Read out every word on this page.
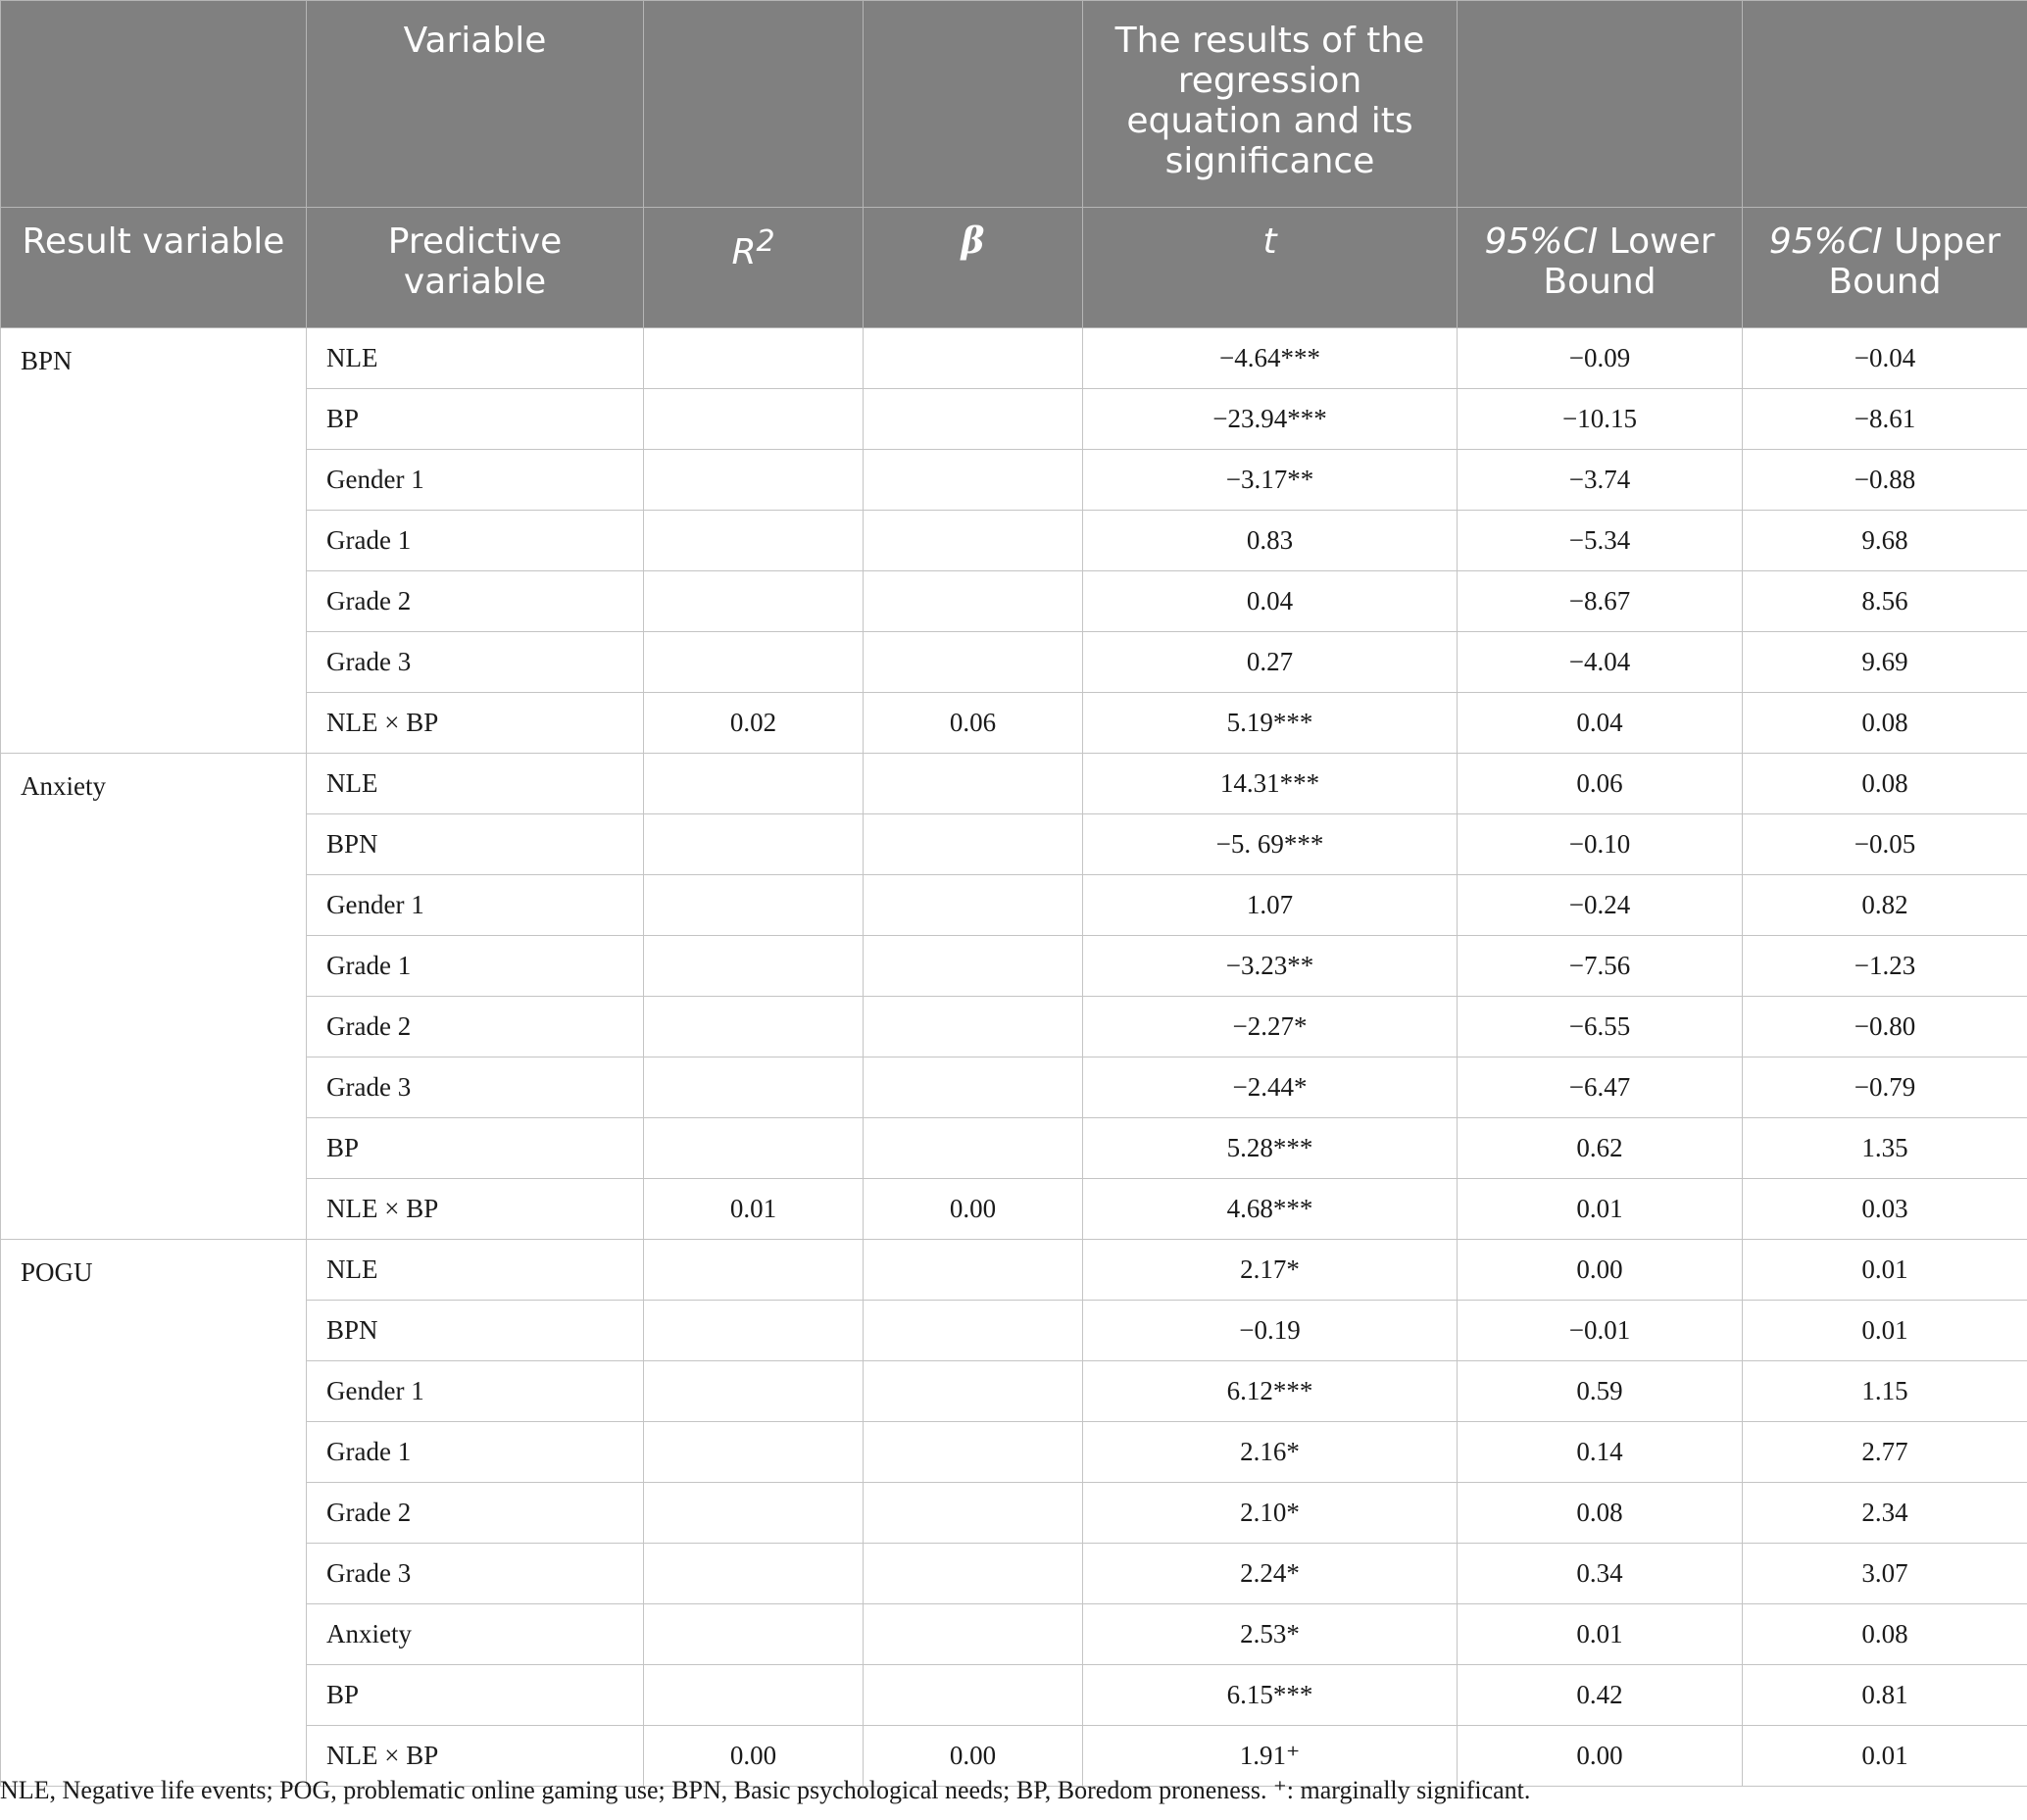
	Variable			The results of the regression equation and its significance		
Result variable	Predictive variable	$R^2$	β	t	95%CI Lower Bound	95%CI Upper Bound
BPN	NLE			−4.64***	−0.09	−0.04
	BP			−23.94***	−10.15	−8.61
	Gender 1			−3.17**	−3.74	−0.88
	Grade 1			0.83	−5.34	9.68
	Grade 2			0.04	−8.67	8.56
	Grade 3			0.27	−4.04	9.69
	NLE × BP	0.02	0.06	5.19***	0.04	0.08
Anxiety	NLE			14.31***	0.06	0.08
	BPN			−5. 69***	−0.10	−0.05
	Gender 1			1.07	−0.24	0.82
	Grade 1			−3.23**	−7.56	−1.23
	Grade 2			−2.27*	−6.55	−0.80
	Grade 3			−2.44*	−6.47	−0.79
	BP			5.28***	0.62	1.35
	NLE × BP	0.01	0.00	4.68***	0.01	0.03
POGU	NLE			2.17*	0.00	0.01
	BPN			−0.19	−0.01	0.01
	Gender 1			6.12***	0.59	1.15
	Grade 1			2.16*	0.14	2.77
	Grade 2			2.10*	0.08	2.34
	Grade 3			2.24*	0.34	3.07
	Anxiety			2.53*	0.01	0.08
	BP			6.15***	0.42	0.81
	NLE × BP	0.00	0.00	1.91⁺	0.00	0.01
NLE, Negative life events; POG, problematic online gaming use; BPN, Basic psychological needs; BP, Boredom proneness. ⁺: marginally significant.
